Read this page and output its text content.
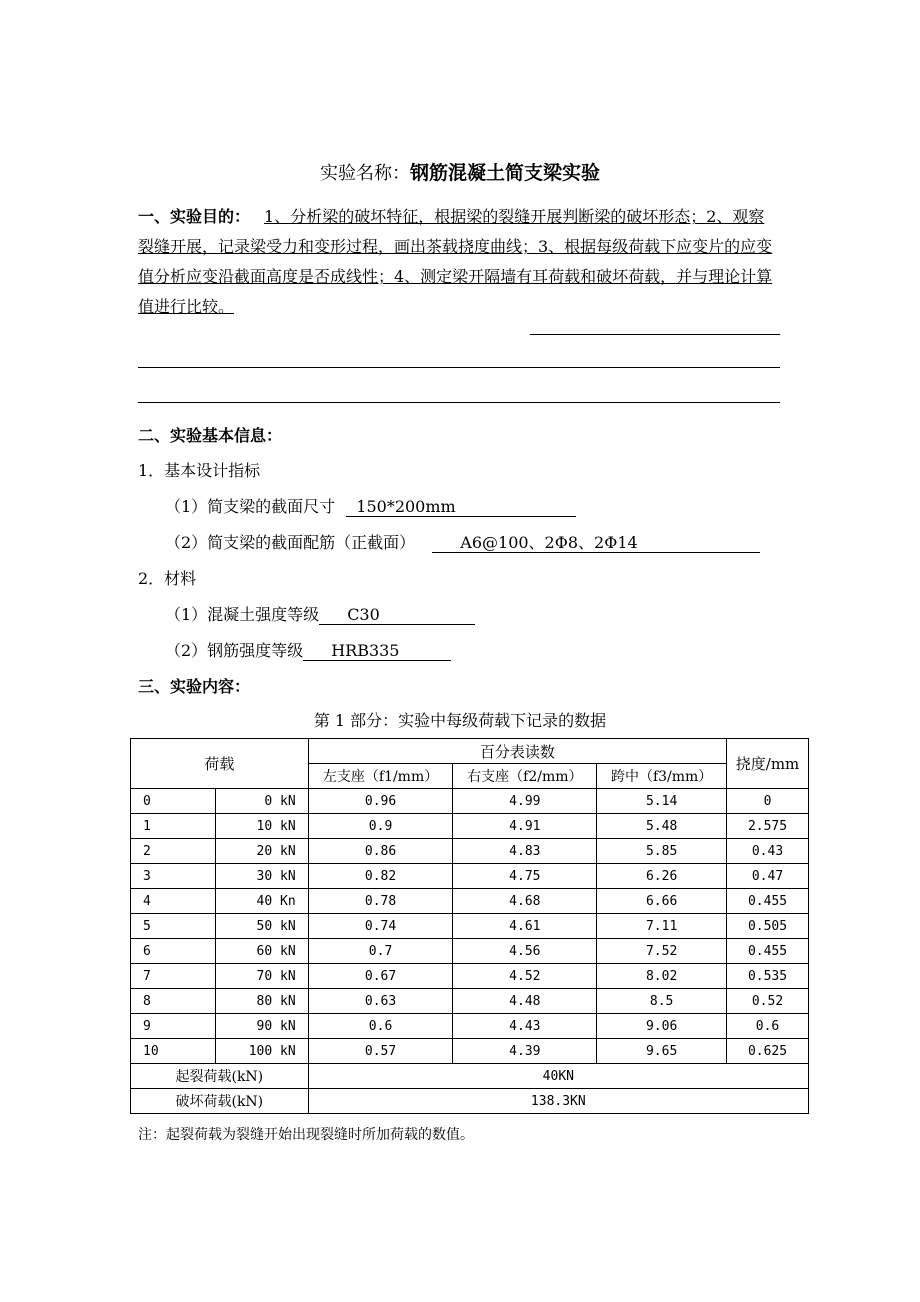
实验名称：钢筋混凝土简支梁实验
一、实验目的： 1、分析梁的破坏特征，根据梁的裂缝开展判断梁的破坏形态；2、观察裂缝开展，记录梁受力和变形过程，画出茶载挠度曲线；3、根据每级荷载下应变片的应变值分析应变沿截面高度是否成线性；4、测定梁开隔墙有耳荷载和破坏荷载，并与理论计算值进行比较。
二、实验基本信息：
1．基本设计指标
（1）简支梁的截面尺寸 150*200mm
（2）简支梁的截面配筋（正截面）	A6@100、2Φ8、2Φ14
2．材料
（1）混凝土强度等级 C30
（2）钢筋强度等级 HRB335
三、实验内容：
第 1 部分：实验中每级荷载下记录的数据
荷载		百分表读数			挠度/mm
		左支座（f1/mm）	右支座（f2/mm）	跨中（f3/mm）	
0	0 kN	0.96	4.99	5.14	0
1	10 kN	0.9	4.91	5.48	2.575
2	20 kN	0.86	4.83	5.85	0.43
3	30 kN	0.82	4.75	6.26	0.47
4	40 Kn	0.78	4.68	6.66	0.455
5	50 kN	0.74	4.61	7.11	0.505
6	60 kN	0.7	4.56	7.52	0.455
7	70 kN	0.67	4.52	8.02	0.535
8	80 kN	0.63	4.48	8.5	0.52
9	90 kN	0.6	4.43	9.06	0.6
10	100 kN	0.57	4.39	9.65	0.625
起裂荷载(kN)		40KN			
破坏荷载(kN)		138.3KN			
注：起裂荷载为裂缝开始出现裂缝时所加荷载的数值。
